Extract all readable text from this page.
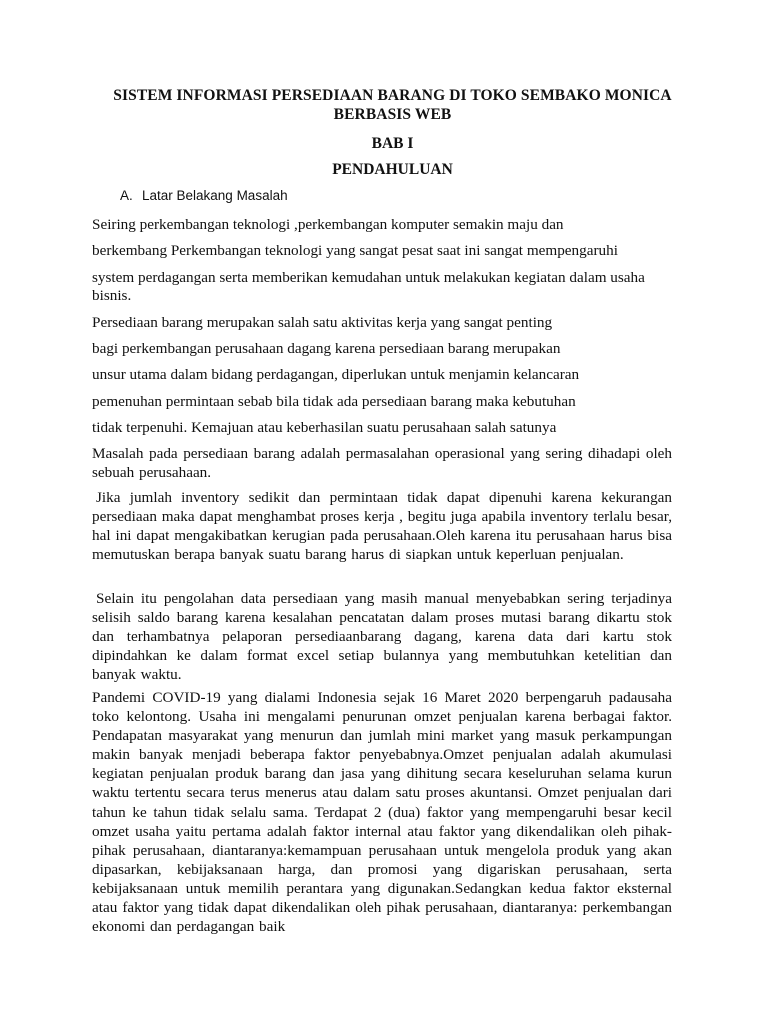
SISTEM INFORMASI PERSEDIAAN BARANG DI TOKO SEMBAKO MONICA BERBASIS WEB
BAB I
PENDAHULUAN
A. Latar Belakang Masalah
Seiring perkembangan teknologi ,perkembangan komputer semakin maju dan
berkembang Perkembangan teknologi yang sangat pesat saat ini sangat mempengaruhi
system perdagangan serta memberikan kemudahan untuk melakukan kegiatan dalam usaha
bisnis.
Persediaan barang merupakan salah satu aktivitas kerja yang sangat penting
bagi perkembangan perusahaan dagang karena persediaan barang merupakan
unsur utama dalam bidang perdagangan, diperlukan untuk menjamin kelancaran
pemenuhan permintaan sebab bila tidak ada persediaan barang maka kebutuhan
tidak terpenuhi. Kemajuan atau keberhasilan suatu perusahaan salah satunya
Masalah pada persediaan barang adalah permasalahan operasional yang sering dihadapi oleh sebuah perusahaan.
Jika jumlah inventory sedikit dan permintaan tidak dapat dipenuhi karena kekurangan persediaan maka dapat menghambat proses kerja , begitu juga apabila inventory terlalu besar, hal ini dapat mengakibatkan kerugian pada perusahaan.Oleh karena itu perusahaan harus bisa memutuskan berapa banyak suatu barang harus di siapkan untuk keperluan penjualan.
Selain itu pengolahan data persediaan yang masih manual menyebabkan sering terjadinya selisih saldo barang karena kesalahan pencatatan dalam proses mutasi barang dikartu stok dan terhambatnya pelaporan persediaanbarang dagang, karena data dari kartu stok dipindahkan ke dalam format excel setiap bulannya yang membutuhkan ketelitian dan banyak waktu.
Pandemi COVID-19 yang dialami Indonesia sejak 16 Maret 2020 berpengaruh padausaha toko kelontong. Usaha ini mengalami penurunan omzet penjualan karena berbagai faktor. Pendapatan masyarakat yang menurun dan jumlah mini market yang masuk perkampungan makin banyak menjadi beberapa faktor penyebabnya.Omzet penjualan adalah akumulasi kegiatan penjualan produk barang dan jasa yang dihitung secara keseluruhan selama kurun waktu tertentu secara terus menerus atau dalam satu proses akuntansi. Omzet penjualan dari tahun ke tahun tidak selalu sama. Terdapat 2 (dua) faktor yang mempengaruhi besar kecil omzet usaha yaitu pertama adalah faktor internal atau faktor yang dikendalikan oleh pihak-pihak perusahaan, diantaranya:kemampuan perusahaan untuk mengelola produk yang akan dipasarkan, kebijaksanaan harga, dan promosi yang digariskan perusahaan, serta kebijaksanaan untuk memilih perantara yang digunakan.Sedangkan kedua faktor eksternal atau faktor yang tidak dapat dikendalikan oleh pihak perusahaan, diantaranya: perkembangan ekonomi dan perdagangan baik
